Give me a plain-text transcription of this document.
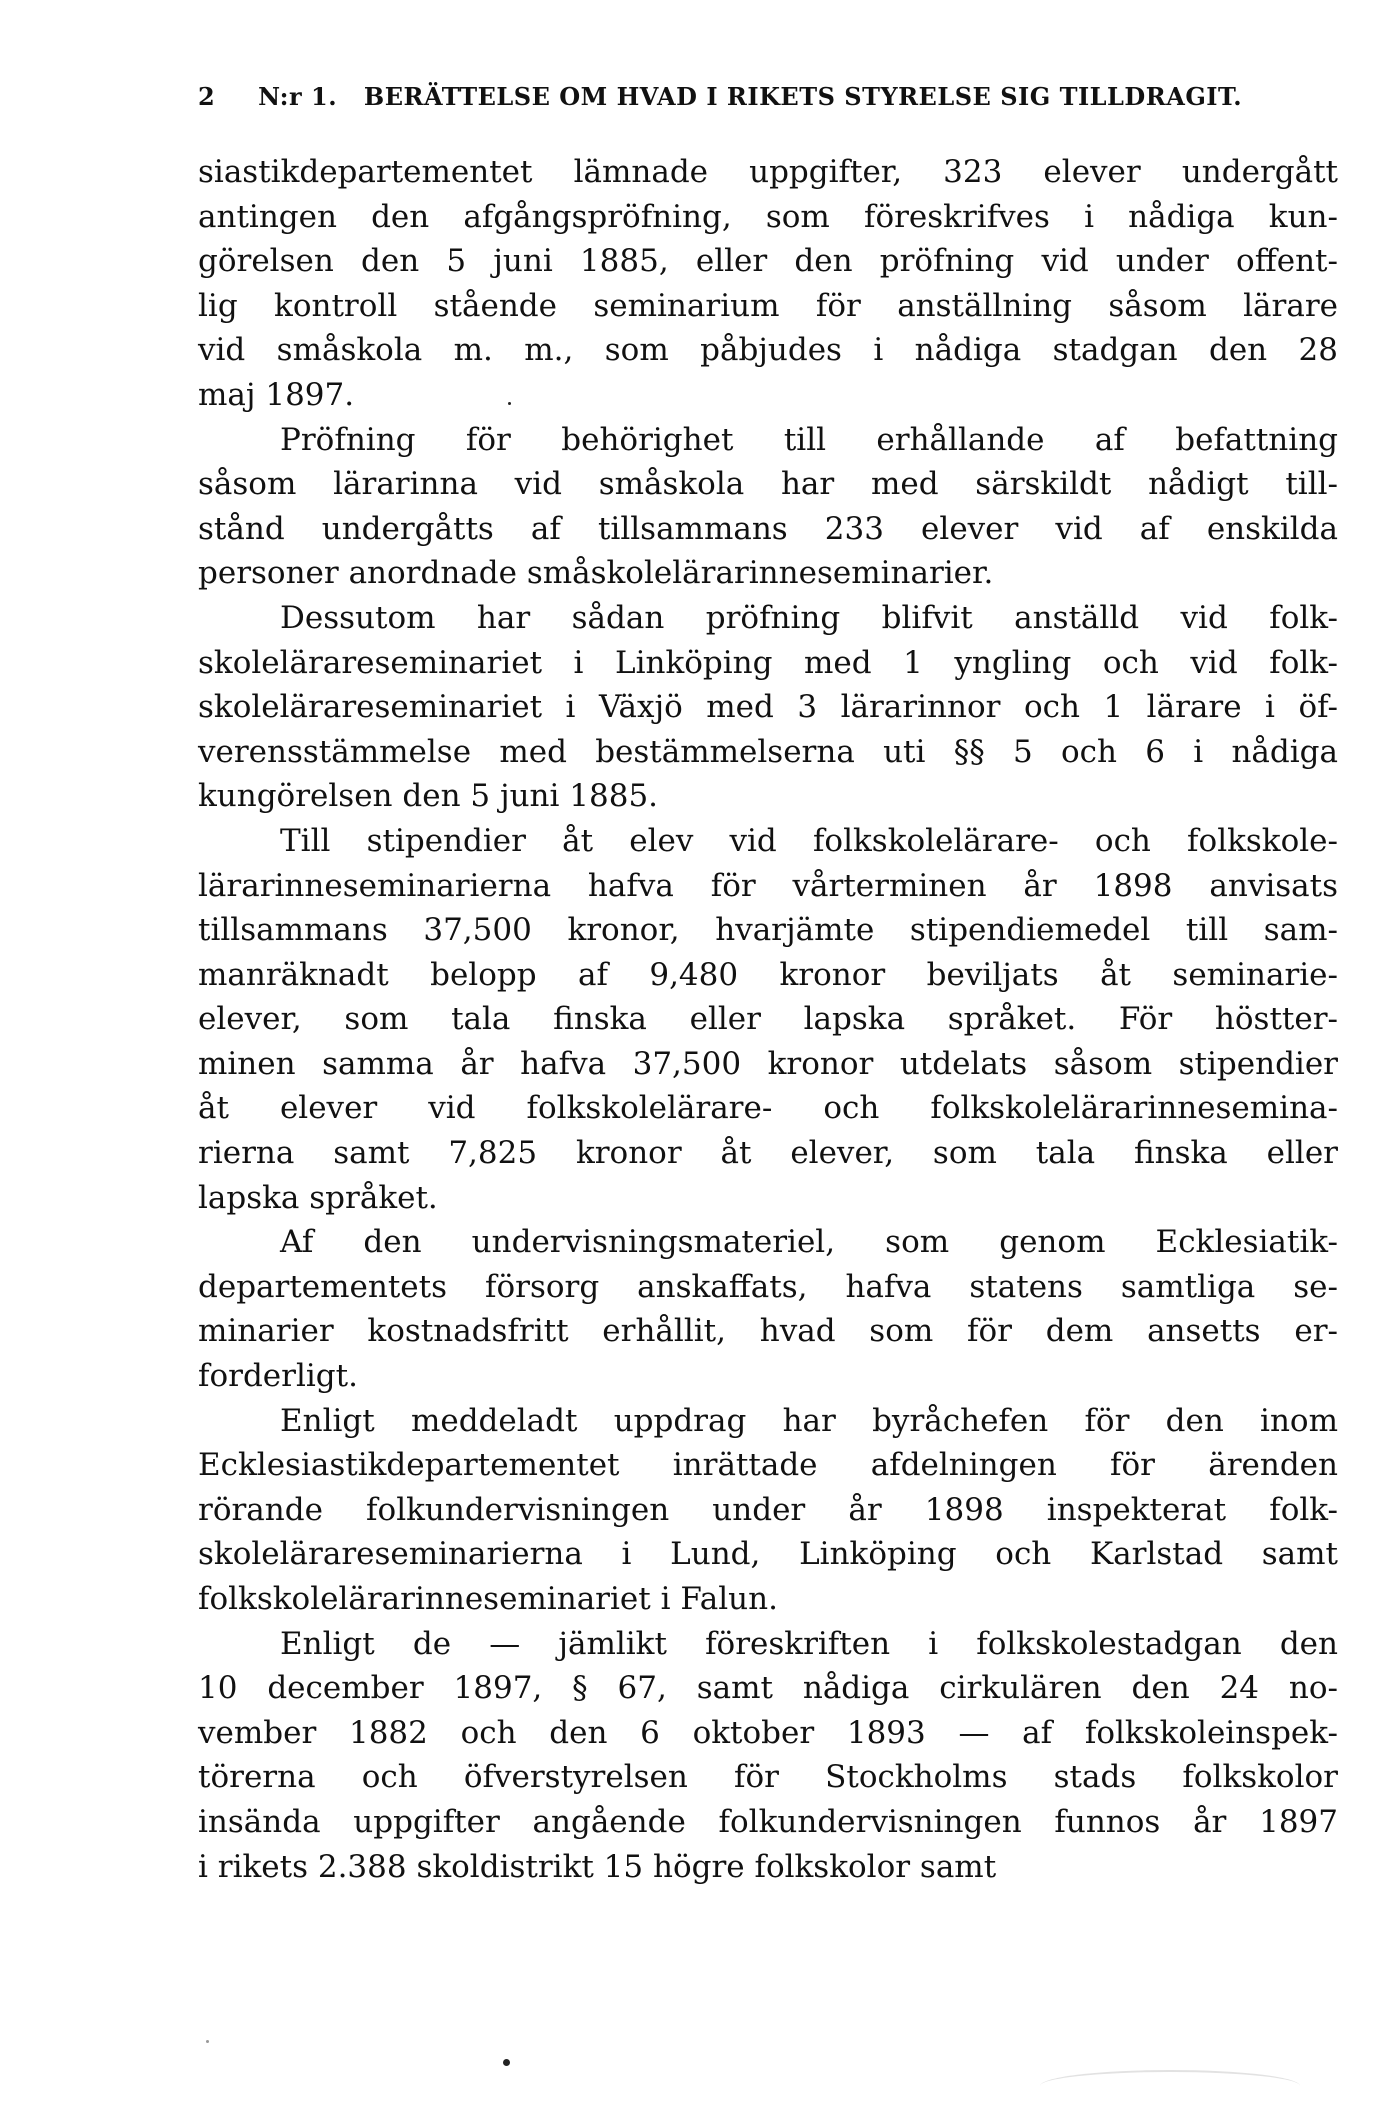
2 N:r 1. BERÄTTELSE OM HVAD I RIKETS STYRELSE SIG TILLDRAGIT.
siastikdepartementet lämnade uppgifter, 323 elever undergått
antingen den afgångspröfning, som föreskrifves i nådiga kun-
görelsen den 5 juni 1885, eller den pröfning vid under offent-
lig kontroll stående seminarium för anställning såsom lärare
vid småskola m. m., som påbjudes i nådiga stadgan den 28
maj 1897.
Pröfning för behörighet till erhållande af befattning
såsom lärarinna vid småskola har med särskildt nådigt till-
stånd undergåtts af tillsammans 233 elever vid af enskilda
personer anordnade småskolelärarinneseminarier.
Dessutom har sådan pröfning blifvit anställd vid folk-
skolelärareseminariet i Linköping med 1 yngling och vid folk-
skolelärareseminariet i Växjö med 3 lärarinnor och 1 lärare i öf-
verensstämmelse med bestämmelserna uti §§ 5 och 6 i nådiga
kungörelsen den 5 juni 1885.
Till stipendier åt elev vid folkskolelärare- och folkskole-
lärarinneseminarierna hafva för vårterminen år 1898 anvisats
tillsammans 37,500 kronor, hvarjämte stipendiemedel till sam-
manräknadt belopp af 9,480 kronor beviljats åt seminarie-
elever, som tala finska eller lapska språket. För höstter-
minen samma år hafva 37,500 kronor utdelats såsom stipendier
åt elever vid folkskolelärare- och folkskolelärarinnesemina-
rierna samt 7,825 kronor åt elever, som tala finska eller
lapska språket.
Af den undervisningsmateriel, som genom Ecklesiatik-
departementets försorg anskaffats, hafva statens samtliga se-
minarier kostnadsfritt erhållit, hvad som för dem ansetts er-
forderligt.
Enligt meddeladt uppdrag har byråchefen för den inom
Ecklesiastikdepartementet inrättade afdelningen för ärenden
rörande folkundervisningen under år 1898 inspekterat folk-
skolelärareseminarierna i Lund, Linköping och Karlstad samt
folkskolelärarinneseminariet i Falun.
Enligt de — jämlikt föreskriften i folkskolestadgan den
10 december 1897, § 67, samt nådiga cirkulären den 24 no-
vember 1882 och den 6 oktober 1893 — af folkskoleinspek-
törerna och öfverstyrelsen för Stockholms stads folkskolor
insända uppgifter angående folkundervisningen funnos år 1897
i rikets 2.388 skoldistrikt 15 högre folkskolor samt
